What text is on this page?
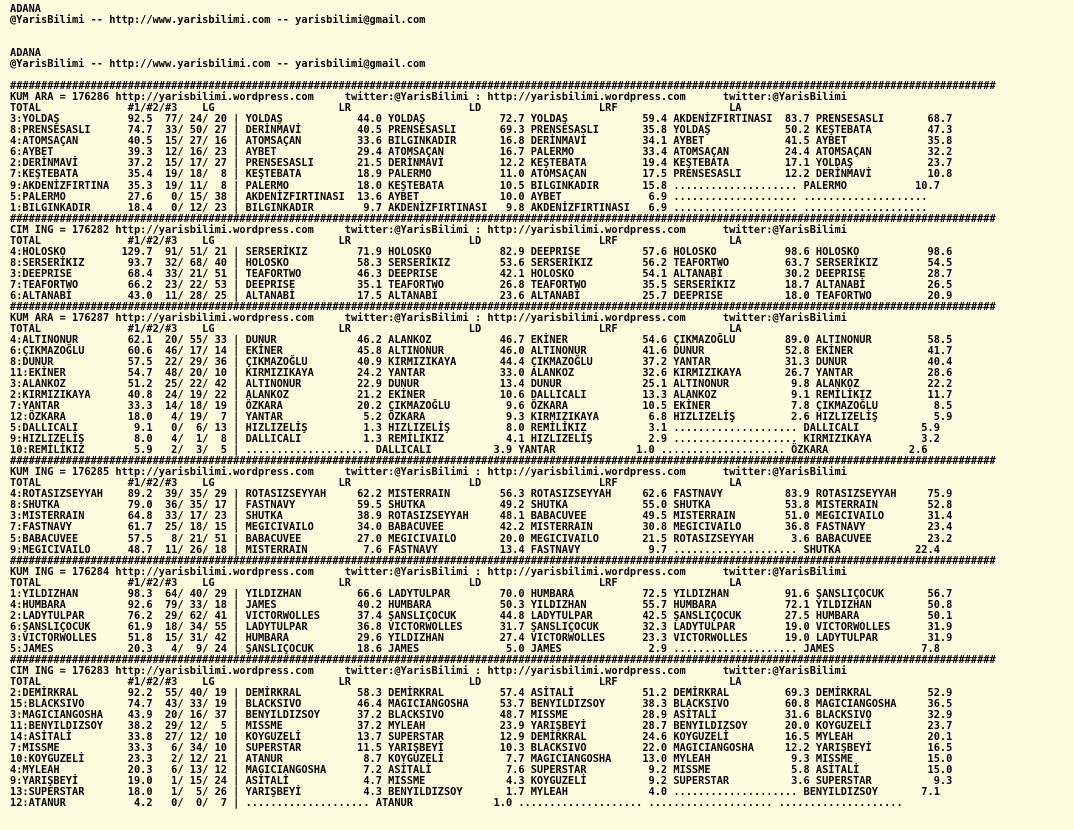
ADANA
@YarisBilimi -- http://www.yarisbilimi.com -- yarisbilimi@gmail.com

ADANA
@YarisBilimi -- http://www.yarisbilimi.com -- yarisbilimi@gmail.com

###############################################################################################################################################################
KUM ARA = 176286 http://yarisbilimi.wordpress.com     twitter:@YarisBilimi : http://yarisbilimi.wordpress.com      twitter:@YarisBilimi
TOTAL              #1/#2/#3    LG                    LR                   LD                   LRF                  LA
3:YOLDAŞ           92.5  77/ 24/ 20 | YOLDAŞ            44.0 YOLDAŞ            72.7 YOLDAŞ            59.4 AKDENİZFIRTINASI  83.7 PRENSESASLI       68.7
8:PRENSESASLI      74.7  33/ 50/ 27 | DERİNMAVİ         40.5 PRENSESASLI       69.3 PRENSESASLI       35.8 YOLDAŞ            50.2 KEŞTEBATA         47.3
4:ATOMSAÇAN        40.5  15/ 27/ 16 | ATOMSAÇAN         33.6 BILGINKADIR       16.8 DERİNMAVİ         34.1 AYBET             41.5 AYBET             35.8
6:AYBET            39.3  12/ 16/ 23 | AYBET             29.4 ATOMSAÇAN         16.7 PALERMO           33.4 ATOMSAÇAN         24.4 ATOMSAÇAN         32.2
2:DERİNMAVİ        37.2  15/ 17/ 27 | PRENSESASLI       21.5 DERİNMAVİ         12.2 KEŞTEBATA         19.4 KEŞTEBATA         17.1 YOLDAŞ            23.7
7:KEŞTEBATA        35.4  19/ 18/  8 | KEŞTEBATA         18.9 PALERMO           11.0 ATOMSAÇAN         17.5 PRENSESASLI       12.2 DERİNMAVİ         10.8
9:AKDENİZFIRTINA   35.3  19/ 11/  8 | PALERMO           18.0 KEŞTEBATA         10.5 BILGINKADIR       15.8 .................... PALERMO           10.7
5:PALERMO          27.6   0/ 15/ 38 | AKDENİZFIRTINASI  13.6 AYBET             10.0 AYBET              6.9 .................... ....................
1:BILGINKADIR      18.4   0/ 12/ 23 | BILGINKADIR        9.7 AKDENİZFIRTINASI   9.8 AKDENİZFIRTINASI   6.9 .................... ....................
###############################################################################################################################################################
CIM ING = 176282 http://yarisbilimi.wordpress.com     twitter:@YarisBilimi : http://yarisbilimi.wordpress.com      twitter:@YarisBilimi
TOTAL              #1/#2/#3    LG                    LR                   LD                   LRF                  LA
4:HOLOSKO         129.7  91/ 51/ 21 | SERSERİKIZ        71.9 HOLOSKO           82.9 DEEPRISE          57.6 HOLOSKO           98.6 HOLOSKO           98.6
8:SERSERİKIZ       93.7  32/ 68/ 40 | HOLOSKO           58.3 SERSERİKIZ        53.6 SERSERİKIZ        56.2 TEAFORTWO         63.7 SERSERİKIZ        54.5
3:DEEPRISE         68.4  33/ 21/ 51 | TEAFORTWO         46.3 DEEPRISE          42.1 HOLOSKO           54.1 ALTANABİ          30.2 DEEPRISE          28.7
7:TEAFORTWO        66.2  23/ 22/ 53 | DEEPRISE          35.1 TEAFORTWO         26.8 TEAFORTWO         35.5 SERSERİKIZ        18.7 ALTANABİ          26.5
6:ALTANABİ         43.0  11/ 28/ 25 | ALTANABİ          17.5 ALTANABİ          23.6 ALTANABİ          25.7 DEEPRISE          18.0 TEAFORTWO         20.9
###############################################################################################################################################################
KUM ARA = 176287 http://yarisbilimi.wordpress.com     twitter:@YarisBilimi : http://yarisbilimi.wordpress.com      twitter:@YarisBilimi
TOTAL              #1/#2/#3    LG                    LR                   LD                   LRF                  LA
4:ALTINONUR        62.1  20/ 55/ 33 | DUNUR             46.2 ALANKOZ           46.7 EKİNER            54.6 ÇIKMAZOĞLU        89.0 ALTINONUR         58.5
6:ÇIKMAZOĞLU       60.6  46/ 17/ 14 | EKİNER            45.8 ALTINONUR         46.0 ALTINONUR         41.6 DUNUR             52.8 EKİNER            41.7
8:DUNUR            57.5  22/ 29/ 36 | ÇIKMAZOĞLU        40.9 KIRMIZIKAYA       44.4 ÇIKMAZOĞLU        37.2 YANTAR            31.3 DUNUR             40.4
11:EKİNER          54.7  48/ 20/ 10 | KIRMIZIKAYA       24.2 YANTAR            33.0 ALANKOZ           32.6 KIRMIZIKAYA       26.7 YANTAR            28.6
3:ALANKOZ          51.2  25/ 22/ 42 | ALTINONUR         22.9 DUNUR             13.4 DUNUR             25.1 ALTINONUR          9.8 ALANKOZ           22.2
2:KIRMIZIKAYA      40.8  24/ 19/ 22 | ALANKOZ           21.2 EKİNER            10.6 DALLICALI         13.3 ALANKOZ            9.1 REMİLİKIZ         11.7
7:YANTAR           33.3  14/ 18/ 19 | ÖZKARA            20.2 ÇIKMAZOĞLU         9.6 ÖZKARA            10.5 EKİNER             7.8 ÇIKMAZOĞLU         8.5
12:ÖZKARA          18.0   4/ 19/  7 | YANTAR             5.2 ÖZKARA             9.3 KIRMIZIKAYA        6.8 HIZLIZELİŞ         2.6 HIZLIZELİŞ         5.9
5:DALLICALI         9.1   0/  6/ 13 | HIZLIZELİŞ         1.3 HIZLIZELİŞ         8.0 REMİLİKIZ          3.1 .................... DALLICALI          5.9
9:HIZLIZELİŞ        8.0   4/  1/  8 | DALLICALI          1.3 REMİLİKIZ          4.1 HIZLIZELİŞ         2.9 .................... KIRMIZIKAYA        3.2
10:REMİLİKIZ        5.9   2/  3/  5 | .................... DALLICALI          3.9 YANTAR             1.0 .................... ÖZKARA             2.6
###############################################################################################################################################################
KUM ING = 176285 http://yarisbilimi.wordpress.com     twitter:@YarisBilimi : http://yarisbilimi.wordpress.com      twitter:@YarisBilimi
TOTAL              #1/#2/#3    LG                    LR                   LD                   LRF                  LA
4:ROTASIZSEYYAH    89.2  39/ 35/ 29 | ROTASIZSEYYAH     62.2 MISTERRAIN        56.3 ROTASIZSEYYAH     62.6 FASTNAVY          83.9 ROTASIZSEYYAH     75.9
8:SHUTKA           79.0  36/ 35/ 17 | FASTNAVY          59.5 SHUTKA            49.2 SHUTKA            55.0 SHUTKA            53.8 MISTERRAIN        52.8
3:MISTERRAIN       64.8  33/ 17/ 23 | SHUTKA            38.9 ROTASIZSEYYAH     48.1 BABACUVEE         49.5 MISTERRAIN        51.0 MEGICIVAILO       31.4
7:FASTNAVY         61.7  25/ 18/ 15 | MEGICIVAILO       34.0 BABACUVEE         42.2 MISTERRAIN        30.8 MEGICIVAILO       36.8 FASTNAVY          23.4
5:BABACUVEE        57.5   8/ 21/ 51 | BABACUVEE         27.0 MEGICIVAILO       20.0 MEGICIVAILO       21.5 ROTASIZSEYYAH      3.6 BABACUVEE         23.2
9:MEGICIVAILO      48.7  11/ 26/ 18 | MISTERRAIN         7.6 FASTNAVY          13.4 FASTNAVY           9.7 .................... SHUTKA            22.4
###############################################################################################################################################################
KUM ING = 176284 http://yarisbilimi.wordpress.com     twitter:@YarisBilimi : http://yarisbilimi.wordpress.com      twitter:@YarisBilimi
TOTAL              #1/#2/#3    LG                    LR                   LD                   LRF                  LA
1:YILDIZHAN        98.3  64/ 40/ 29 | YILDIZHAN         66.6 LADYTULPAR        70.0 HUMBARA           72.5 YILDIZHAN         91.6 ŞANSLIÇOCUK       56.7
4:HUMBARA          92.6  79/ 33/ 18 | JAMES             40.2 HUMBARA           50.3 YILDIZHAN         55.7 HUMBARA           72.1 YILDIZHAN         50.8
2:LADYTULPAR       76.2  29/ 62/ 41 | VICTORWOLLES      37.4 ŞANSLIÇOCUK       44.8 LADYTULPAR        42.5 ŞANSLIÇOCUK       27.5 HUMBARA           50.1
6:ŞANSLIÇOCUK      61.9  18/ 34/ 55 | LADYTULPAR        36.8 VICTORWOLLES      31.7 ŞANSLIÇOCUK       32.3 LADYTULPAR        19.0 VICTORWOLLES      31.9
3:VICTORWOLLES     51.8  15/ 31/ 42 | HUMBARA           29.6 YILDIZHAN         27.4 VICTORWOLLES      23.3 VICTORWOLLES      19.0 LADYTULPAR        31.9
5:JAMES            20.3   4/  9/ 24 | ŞANSLIÇOCUK       18.6 JAMES              5.0 JAMES              2.9 .................... JAMES              7.8
###############################################################################################################################################################
CIM ING = 176283 http://yarisbilimi.wordpress.com     twitter:@YarisBilimi : http://yarisbilimi.wordpress.com      twitter:@YarisBilimi
TOTAL              #1/#2/#3    LG                    LR                   LD                   LRF                  LA
2:DEMİRKRAL        92.2  55/ 40/ 19 | DEMİRKRAL         58.3 DEMİRKRAL         57.4 ASİTALİ           51.2 DEMİRKRAL         69.3 DEMİRKRAL         52.9
15:BLACKSIVO       74.7  43/ 33/ 19 | BLACKSIVO         46.4 MAGICIANGOSHA     53.7 BENYILDIZSOY      38.3 BLACKSIVO         60.8 MAGICIANGOSHA     36.5
3:MAGICIANGOSHA    43.9  20/ 16/ 37 | BENYILDIZSOY      37.2 BLACKSIVO         48.7 MISSME            28.9 ASİTALİ           31.6 BLACKSIVO         32.9
11:BENYILDIZSOY    38.2  29/ 12/  5 | MISSME            37.2 MYLEAH            23.9 YARIŞBEYİ         28.7 BENYILDIZSOY      20.0 KOYGUZELİ         23.7
14:ASİTALİ         33.8  27/ 12/ 10 | KOYGUZELİ         13.7 SUPERSTAR         12.9 DEMİRKRAL         24.6 KOYGUZELİ         16.5 MYLEAH            20.1
7:MISSME           33.3   6/ 34/ 10 | SUPERSTAR         11.5 YARIŞBEYİ         10.3 BLACKSIVO         22.0 MAGICIANGOSHA     12.2 YARIŞBEYİ         16.5
10:KOYGUZELİ       23.3   2/ 12/ 21 | ATANUR             8.7 KOYGUZELİ          7.7 MAGICIANGOSHA     13.0 MYLEAH             9.3 MISSME            15.0
4:MYLEAH           20.3   6/ 13/ 12 | MAGICIANGOSHA      7.2 ASİTALİ            7.6 SUPERSTAR          9.2 MISSME             5.8 ASİTALİ           15.0
9:YARIŞBEYİ        19.0   1/ 15/ 24 | ASİTALİ            4.7 MISSME             4.3 KOYGUZELİ          9.2 SUPERSTAR          3.6 SUPERSTAR          9.3
13:SUPERSTAR       18.0   1/  5/ 26 | YARIŞBEYİ          4.3 BENYILDIZSOY       1.7 MYLEAH             4.0 .................... BENYILDIZSOY       7.1
12:ATANUR           4.2   0/  0/  7 | .................... ATANUR             1.0 .................... .................... ....................
